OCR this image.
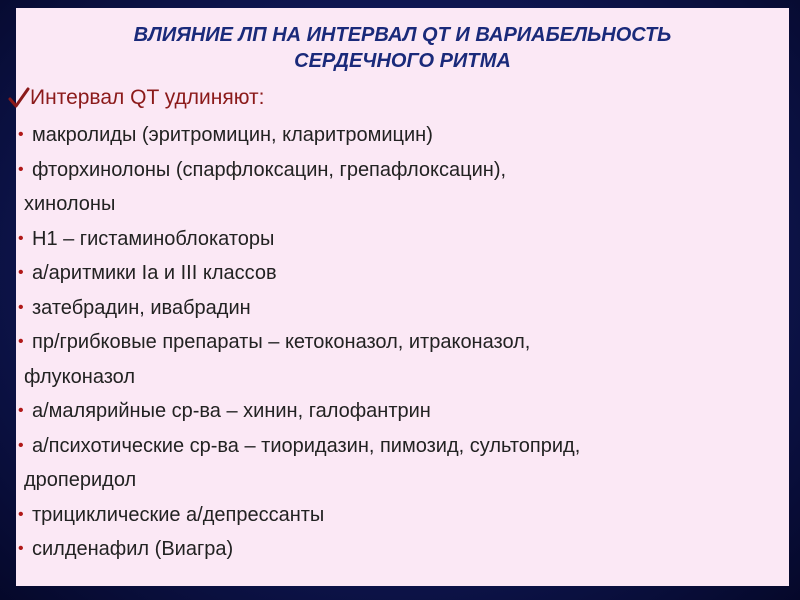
ВЛИЯНИЕ ЛП НА ИНТЕРВАЛ QT И ВАРИАБЕЛЬНОСТЬ
СЕРДЕЧНОГО РИТМА
Интервал QT удлиняют:
• макролиды (эритромицин, кларитромицин)
• фторхинолоны (спарфлоксацин, грепафлоксацин),
хинолоны
• Н1 – гистаминоблокаторы
• а/аритмики Iа и III классов
• затебрадин, ивабрадин
• пр/грибковые препараты – кетоконазол, итраконазол,
флуконазол
• а/малярийные ср-ва – хинин, галофантрин
• а/психотические ср-ва – тиоридазин, пимозид, сультоприд,
дроперидол
• трициклические а/депрессанты
• силденафил (Виагра)
